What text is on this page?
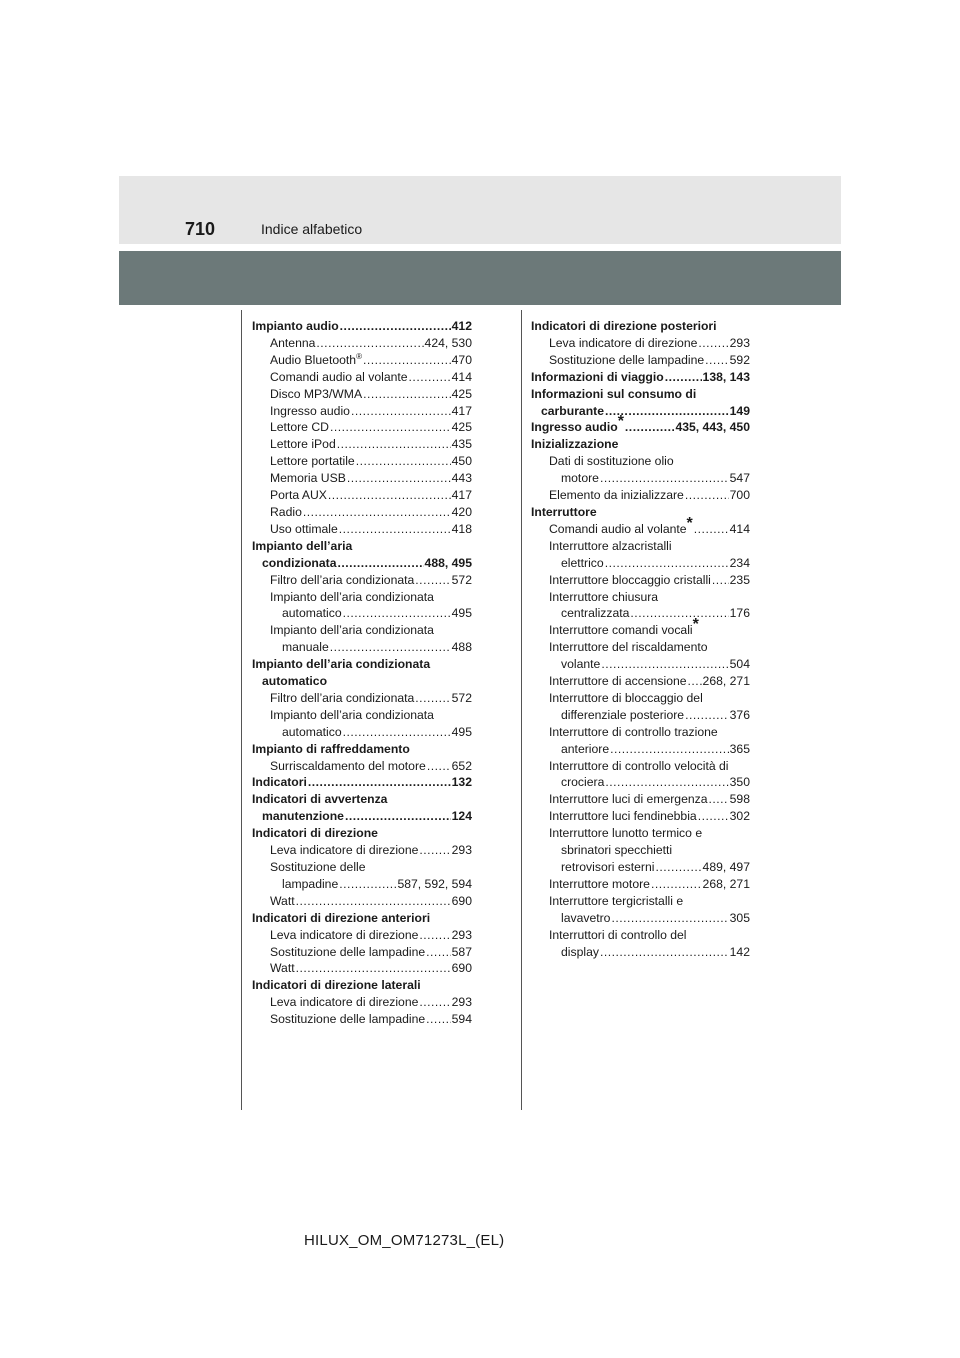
710	Indice alfabetico
Impianto audio .....	412
Antenna .....	424, 530
Audio Bluetooth® .....	470
Comandi audio al volante .....	414
Disco MP3/WMA .....	425
Ingresso audio .....	417
Lettore CD .....	425
Lettore iPod .....	435
Lettore portatile .....	450
Memoria USB .....	443
Porta AUX .....	417
Radio .....	420
Uso ottimale .....	418
Impianto dell’aria
condizionata .....	488, 495
Filtro dell’aria condizionata .....	572
Impianto dell’aria condizionata
automatico .....	495
Impianto dell’aria condizionata
manuale .....	488
Impianto dell’aria condizionata
automatico
Filtro dell’aria condizionata .....	572
Impianto dell’aria condizionata
automatico .....	495
Impianto di raffreddamento
Surriscaldamento del motore ..... 652
Indicatori .....	132
Indicatori di avvertenza
manutenzione .....	124
Indicatori di direzione
Leva indicatore di direzione .....	293
Sostituzione delle
lampadine .....	587, 592, 594
Watt .....	690
Indicatori di direzione anteriori
Leva indicatore di direzione .....	293
Sostituzione delle lampadine ..... 587
Watt .....	690
Indicatori di direzione laterali
Leva indicatore di direzione .....	293
Sostituzione delle lampadine ..... 594
Indicatori di direzione posteriori
Leva indicatore di direzione .....	293
Sostituzione delle lampadine ..... 592
Informazioni di viaggio .....	138, 143
Informazioni sul consumo di
carburante .....	149
Ingresso audio* .....	435, 443, 450
Inizializzazione
Dati di sostituzione olio
motore .....	547
Elemento da inizializzare .....	700
Interruttore
Comandi audio al volante* .....	414
Interruttore alzacristalli
elettrico .....	234
Interruttore bloccaggio cristalli ..... 235
Interruttore chiusura
centralizzata .....	176
Interruttore comandi vocali*
Interruttore del riscaldamento
volante .....	504
Interruttore di accensione ..... 268, 271
Interruttore di bloccaggio del
differenziale posteriore .....	376
Interruttore di controllo trazione
anteriore .....	365
Interruttore di controllo velocità di
crociera .....	350
Interruttore luci di emergenza ..... 598
Interruttore luci fendinebbia .....	302
Interruttore lunotto termico e
sbrinatori specchietti
retrovisori esterni .....	489, 497
Interruttore motore .....	268, 271
Interruttore tergicristalli e
lavavetro .....	305
Interruttori di controllo del
display .....	142
HILUX_OM_OM71273L_(EL)
